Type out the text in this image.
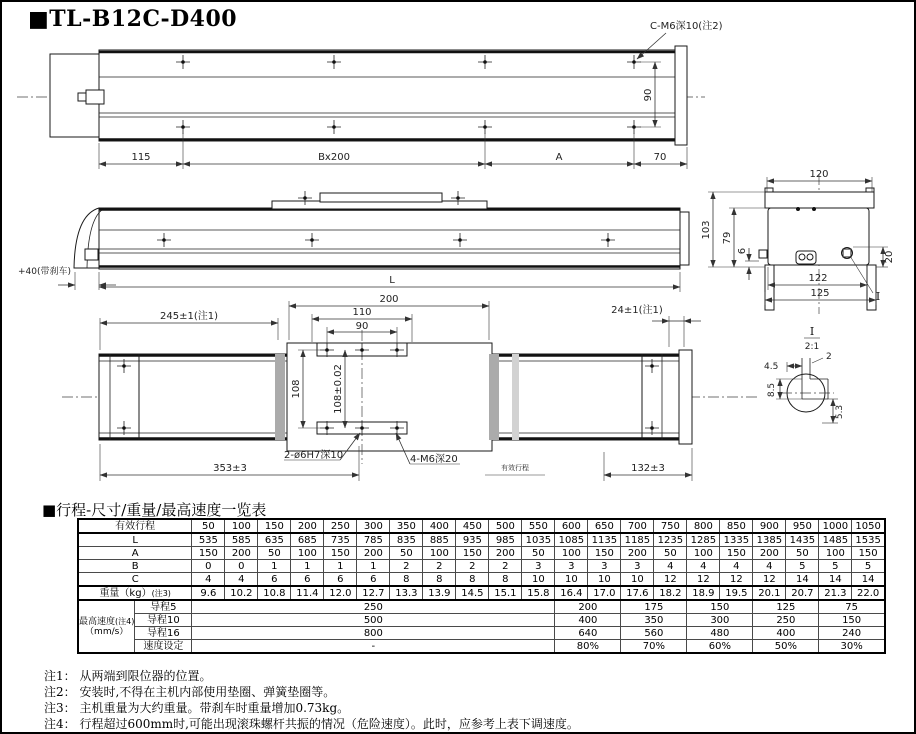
■TL-B12C-D400
115	Bx200	A	70
C-M6深10(注2)
90
120
103 79
6	20
122
125	I
+40(带刹车)
L
245±1(注1)
200
110
90
24±1(注1)
108	108±0.02
2-ø6H7深10	4-M6深20
有效行程
353±3	132±3
I
2:1
4.5
2
8.5
5.3
■行程-尺寸/重量/最高速度一览表
有效行程		50	100	150	200	250	300	350	400	450	500	550	600	650	700	750	800	850	900	950	1000	1050
L		535	585	635	685	735	785	835	885	935	985	1035	1085	1135	1185	1235	1285	1335	1385	1435	1485	1535
A		150	200	50	100	150	200	50	100	150	200	50	100	150	200	50	100	150	200	50	100	150
B		0	0	1	1	1	1	2	2	2	2	3	3	3	3	4	4	4	4	5	5	5
C		4	4	6	6	6	6	8	8	8	8	10	10	10	10	12	12	12	12	14	14	14
重量（kg）(注3)		9.6	10.2	10.8	11.4	12.0	12.7	13.3	13.9	14.5	15.1	15.8	16.4	17.0	17.6	18.2	18.9	19.5	20.1	20.7	21.3	22.0
最高速度(注4)
（mm/s）	导程5	250											200		175		150		125		75	
	导程10	500											400		350		300		250		150	
	导程16	800											640		560		480		400		240	
	速度设定	-											80%		70%		60%		50%		30%	
注1： 从两端到限位器的位置。
注2： 安装时,不得在主机内部使用垫圈、弹簧垫圈等。
注3： 主机重量为大约重量。带刹车时重量增加0.73kg。
注4： 行程超过600mm时,可能出现滚珠螺杆共振的情况（危险速度）。此时，应参考上表下调速度。
